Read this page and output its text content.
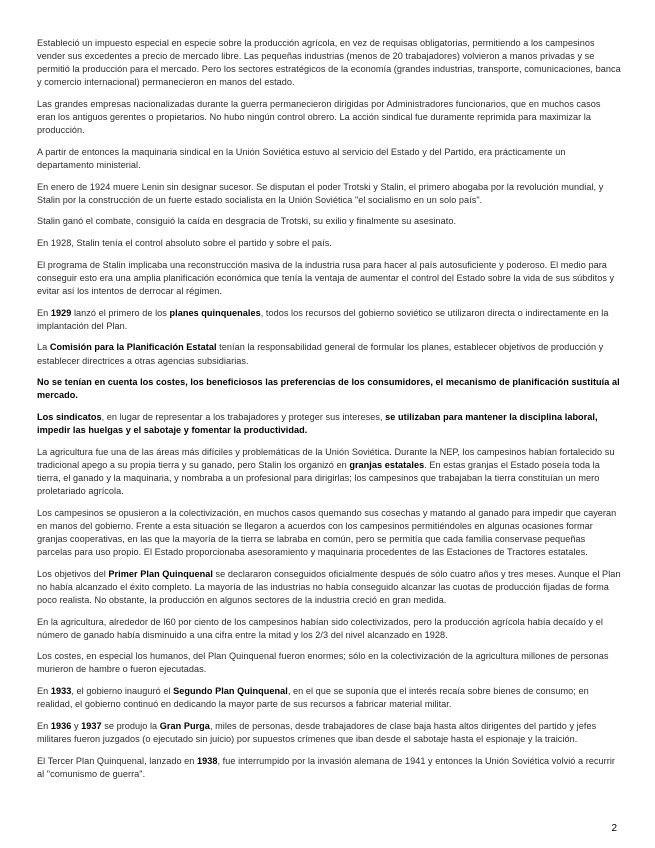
Estableció un impuesto especial en especie sobre la producción agrícola, en vez de requisas obligatorias, permitiendo a los campesinos vender sus excedentes a precio de mercado libre. Las pequeñas industrias (menos de 20 trabajadores) volvieron a manos privadas y se permitió la producción para el mercado. Pero los sectores estratégicos de la economía (grandes industrias, transporte, comunicaciones, banca y comercio internacional) permanecieron en manos del estado.

Las grandes empresas nacionalizadas durante la guerra permanecieron dirigidas por Administradores funcionarios, que en muchos casos eran los antiguos gerentes o propietarios. No hubo ningún control obrero. La acción sindical fue duramente reprimida para maximizar la producción.

A partir de entonces la maquinaria sindical en la Unión Soviética estuvo al servicio del Estado y del Partido, era prácticamente un departamento ministerial.

En enero de 1924 muere Lenin sin designar sucesor. Se disputan el poder Trotski y Stalin, el primero abogaba por la revolución mundial, y Stalin por la construcción de un fuerte estado socialista en la Unión Soviética "el socialismo en un solo país".

Stalin ganó el combate, consiguió la caída en desgracia de Trotski, su exilio y finalmente su asesinato.

En 1928, Stalin tenía el control absoluto sobre el partido y sobre el país.

El programa de Stalin implicaba una reconstrucción masiva de la industria rusa para hacer al país autosuficiente y poderoso. El medio para conseguir esto era una amplia planificación económica que tenía la ventaja de aumentar el control del Estado sobre la vida de sus súbditos y evitar así los intentos de derrocar al régimen.

En 1929 lanzó el primero de los planes quinquenales, todos los recursos del gobierno soviético se utilizaron directa o indirectamente en la implantación del Plan.

La Comisión para la Planificación Estatal tenían la responsabilidad general de formular los planes, establecer objetivos de producción y establecer directrices a otras agencias subsidiarias.

No se tenían en cuenta los costes, los beneficiosos las preferencias de los consumidores, el mecanismo de planificación sustituía al mercado.

Los sindicatos, en lugar de representar a los trabajadores y proteger sus intereses, se utilizaban para mantener la disciplina laboral, impedir las huelgas y el sabotaje y fomentar la productividad.

La agricultura fue una de las áreas más difíciles y problemáticas de la Unión Soviética. Durante la NEP, los campesinos habían fortalecido su tradicional apego a su propia tierra y su ganado, pero Stalin los organizó en granjas estatales. En estas granjas el Estado poseía toda la tierra, el ganado y la maquinaria, y nombraba a un profesional para dirigirlas; los campesinos que trabajaban la tierra constituían un mero proletariado agrícola.

Los campesinos se opusieron a la colectivización, en muchos casos quemando sus cosechas y matando al ganado para impedir que cayeran en manos del gobierno. Frente a esta situación se llegaron a acuerdos con los campesinos permitiéndoles en algunas ocasiones formar granjas cooperativas, en las que la mayoría de la tierra se labraba en común, pero se permitía que cada familia conservase pequeñas parcelas para uso propio. El Estado proporcionaba asesoramiento y maquinaria procedentes de las Estaciones de Tractores estatales.

Los objetivos del Primer Plan Quinquenal se declararon conseguidos oficialmente después de sólo cuatro años y tres meses. Aunque el Plan no había alcanzado el éxito completo. La mayoría de las industrias no había conseguido alcanzar las cuotas de producción fijadas de forma poco realista. No obstante, la producción en algunos sectores de la industria creció en gran medida.

En la agricultura, alrededor de l60 por ciento de los campesinos habían sido colectivizados, pero la producción agrícola había decaído y el número de ganado había disminuido a una cifra entre la mitad y los 2/3 del nivel alcanzado en 1928.

Los costes, en especial los humanos, del Plan Quinquenal fueron enormes; sólo en la colectivización de la agricultura millones de personas murieron de hambre o fueron ejecutadas.

En 1933, el gobierno inauguró el Segundo Plan Quinquenal, en el que se suponía que el interés recaía sobre bienes de consumo; en realidad, el gobierno continuó en dedicando la mayor parte de sus recursos a fabricar material militar.

En 1936 y 1937 se produjo la Gran Purga, miles de personas, desde trabajadores de clase baja hasta altos dirigentes del partido y jefes militares fueron juzgados (o ejecutado sin juicio) por supuestos crímenes que iban desde el sabotaje hasta el espionaje y la traición.

El Tercer Plan Quinquenal, lanzado en 1938, fue interrumpido por la invasión alemana de 1941 y entonces la Unión Soviética volvió a recurrir al "comunismo de guerra".

2
